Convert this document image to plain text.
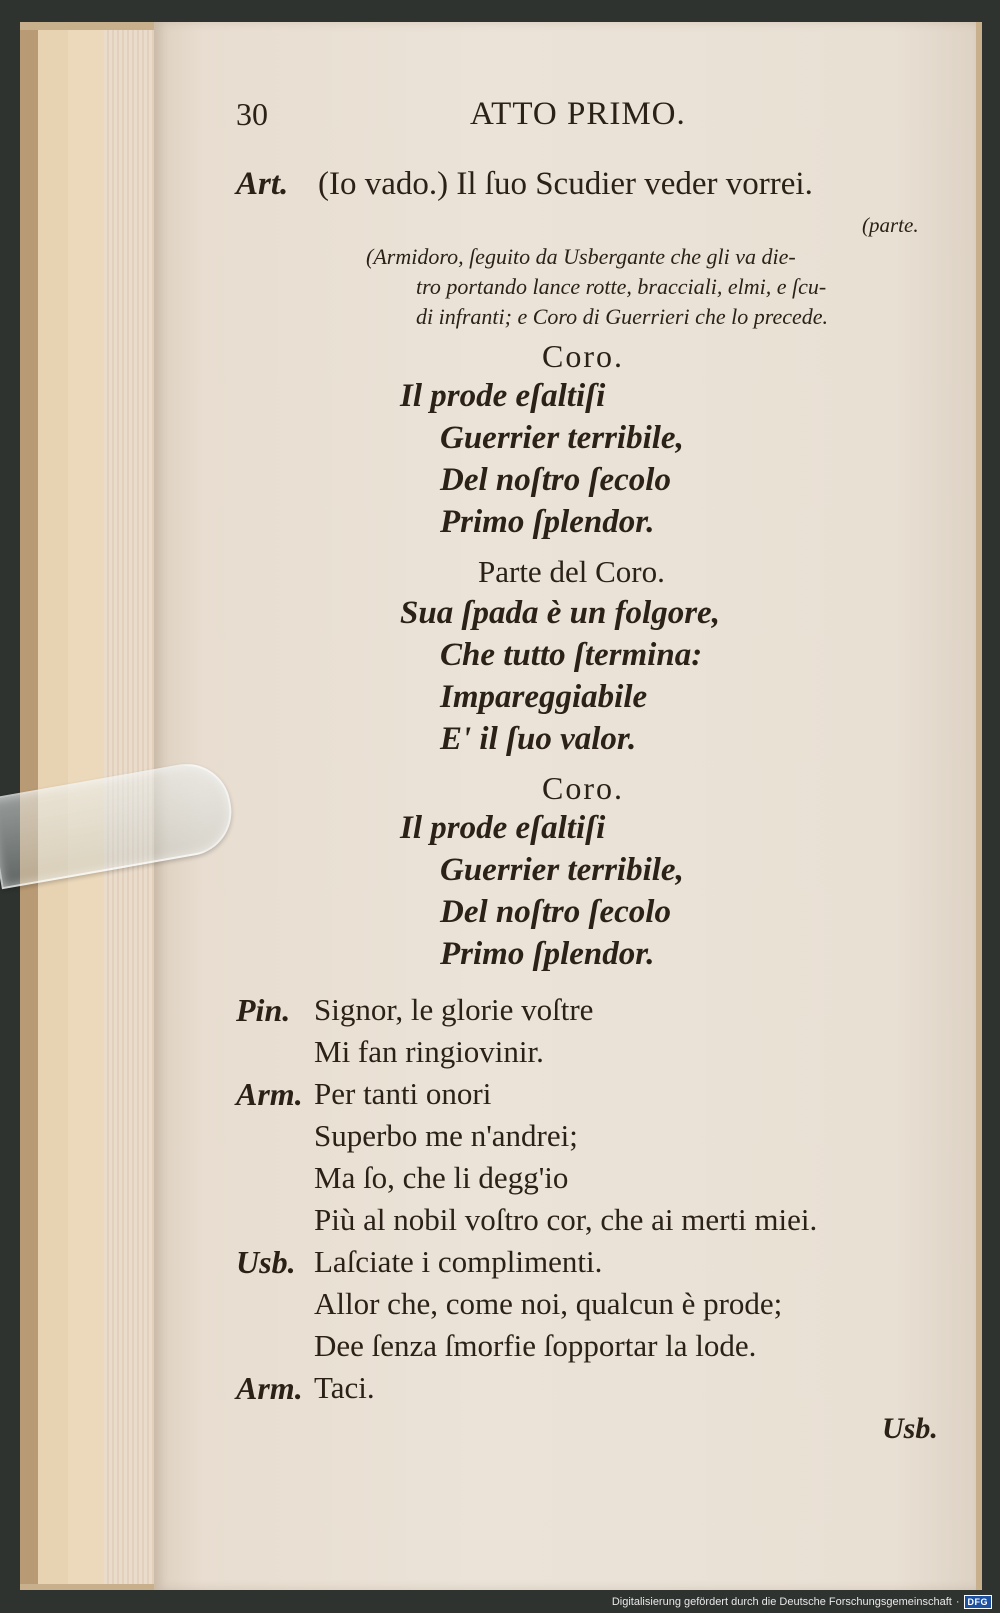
30	ATTO PRIMO.
Art. (Io vado.) Il ſuo Scudier veder vorrei.
(parte.
(Armidoro, ſeguito da Usbergante che gli va die-
tro portando lance rotte, bracciali, elmi, e ſcu-
di infranti; e Coro di Guerrieri che lo precede.
Coro.
Il prode eſaltiſi
Guerrier terribile,
Del noſtro ſecolo
Primo ſplendor.
Parte del Coro.
Sua ſpada è un folgore,
Che tutto ſtermina:
Impareggiabile
E' il ſuo valor.
Coro.
Il prode eſaltiſi
Guerrier terribile,
Del noſtro ſecolo
Primo ſplendor.
Pin. Signor, le glorie voſtre
Mi fan ringiovinir.
Arm. Per tanti onori
Superbo me n'andrei;
Ma ſo, che li degg'io
Più al nobil voſtro cor, che ai merti miei.
Usb. Laſciate i complimenti.
Allor che, come noi, qualcun è prode;
Dee ſenza ſmorfie ſopportar la lode.
Arm. Taci.
Usb.
Digitalisierung gefördert durch die Deutsche Forschungsgemeinschaft · DFG
